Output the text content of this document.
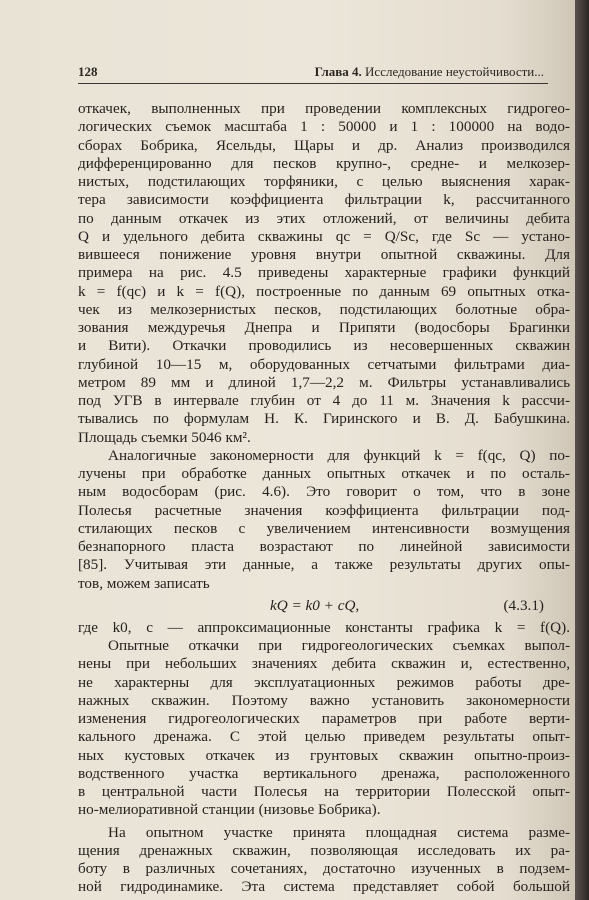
128	Глава 4. Исследование неустойчивости...
откачек, выполненных при проведении комплексных гидрогео-
логических съемок масштаба 1 : 50000 и 1 : 100000 на водо-
сборах Бобрика, Ясельды, Щары и др. Анализ производился
дифференцированно для песков крупно-, средне- и мелкозер-
нистых, подстилающих торфяники, с целью выяснения харак-
тера зависимости коэффициента фильтрации k, рассчитанного
по данным откачек из этих отложений, от величины дебита
Q и удельного дебита скважины qc = Q/Sc, где Sc — устано-
вившееся понижение уровня внутри опытной скважины. Для
примера на рис. 4.5 приведены характерные графики функций
k = f(qc) и k = f(Q), построенные по данным 69 опытных отка-
чек из мелкозернистых песков, подстилающих болотные обра-
зования междуречья Днепра и Припяти (водосборы Брагинки
и Вити). Откачки проводились из несовершенных скважин
глубиной 10—15 м, оборудованных сетчатыми фильтрами диа-
метром 89 мм и длиной 1,7—2,2 м. Фильтры устанавливались
под УГВ в интервале глубин от 4 до 11 м. Значения k рассчи-
тывались по формулам Н. К. Гиринского и В. Д. Бабушкина.
Площадь съемки 5046 км².
Аналогичные закономерности для функций k = f(qc, Q) по-
лучены при обработке данных опытных откачек и по осталь-
ным водосборам (рис. 4.6). Это говорит о том, что в зоне
Полесья расчетные значения коэффициента фильтрации под-
стилающих песков с увеличением интенсивности возмущения
безнапорного пласта возрастают по линейной зависимости
[85]. Учитывая эти данные, а также результаты других опы-
тов, можем записать
kQ = k0 + cQ,	(4.3.1)
где k0, c — аппроксимационные константы графика k = f(Q).
Опытные откачки при гидрогеологических съемках выпол-
нены при небольших значениях дебита скважин и, естественно,
не характерны для эксплуатационных режимов работы дре-
нажных скважин. Поэтому важно установить закономерности
изменения гидрогеологических параметров при работе верти-
кального дренажа. С этой целью приведем результаты опыт-
ных кустовых откачек из грунтовых скважин опытно-произ-
водственного участка вертикального дренажа, расположенного
в центральной части Полесья на территории Полесской опыт-
но-мелиоративной станции (низовье Бобрика).
На опытном участке принята площадная система разме-
щения дренажных скважин, позволяющая исследовать их ра-
боту в различных сочетаниях, достаточно изученных в подзем-
ной гидродинамике. Эта система представляет собой большой
